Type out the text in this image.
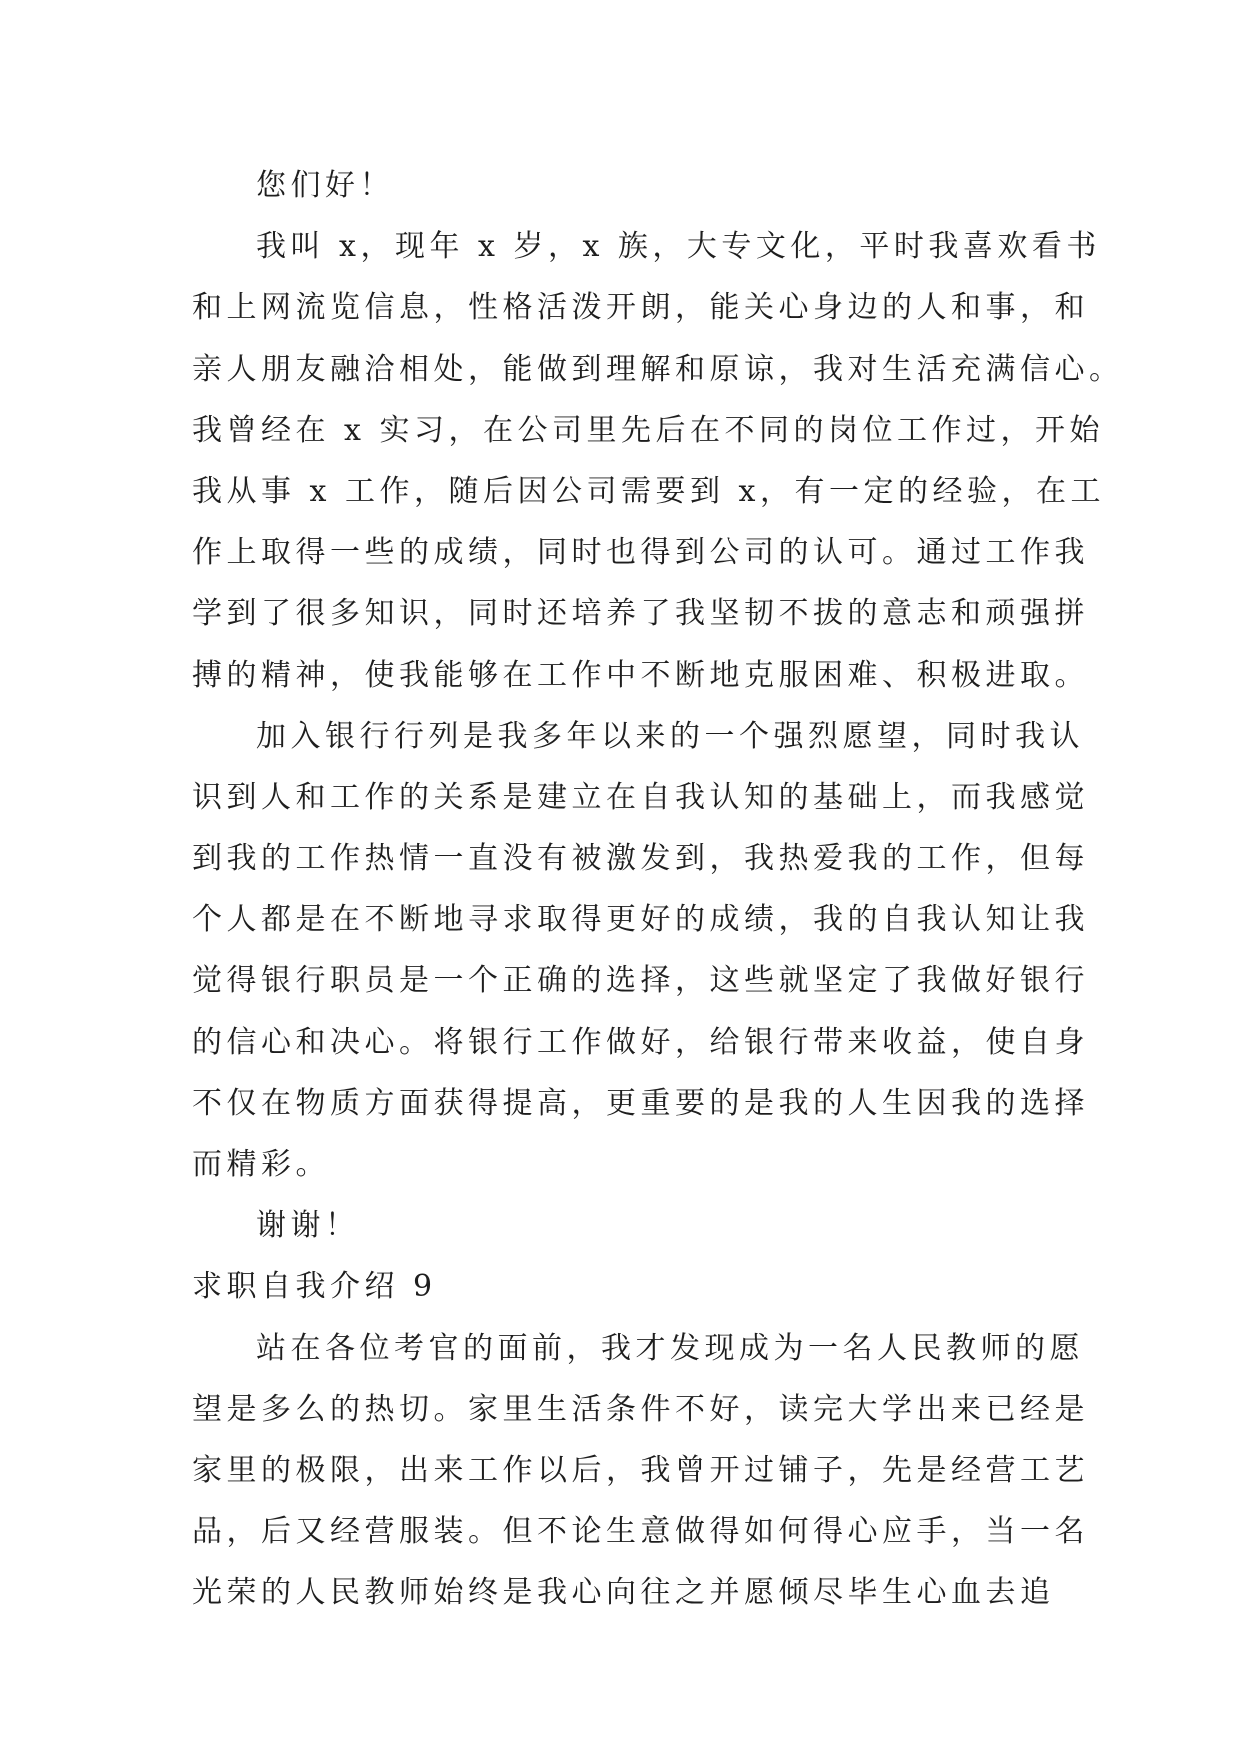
您们好！
我叫 x，现年 x 岁，x 族，大专文化，平时我喜欢看书
和上网流览信息，性格活泼开朗，能关心身边的人和事，和
亲人朋友融洽相处，能做到理解和原谅，我对生活充满信心。
我曾经在 x 实习，在公司里先后在不同的岗位工作过，开始
我从事 x 工作，随后因公司需要到 x，有一定的经验，在工
作上取得一些的成绩，同时也得到公司的认可。通过工作我
学到了很多知识，同时还培养了我坚韧不拔的意志和顽强拼
搏的精神，使我能够在工作中不断地克服困难、积极进取。
加入银行行列是我多年以来的一个强烈愿望，同时我认
识到人和工作的关系是建立在自我认知的基础上，而我感觉
到我的工作热情一直没有被激发到，我热爱我的工作，但每
个人都是在不断地寻求取得更好的成绩，我的自我认知让我
觉得银行职员是一个正确的选择，这些就坚定了我做好银行
的信心和决心。将银行工作做好，给银行带来收益，使自身
不仅在物质方面获得提高，更重要的是我的人生因我的选择
而精彩。
谢谢！
求职自我介绍 9
站在各位考官的面前，我才发现成为一名人民教师的愿
望是多么的热切。家里生活条件不好，读完大学出来已经是
家里的极限，出来工作以后，我曾开过铺子，先是经营工艺
品，后又经营服装。但不论生意做得如何得心应手，当一名
光荣的人民教师始终是我心向往之并愿倾尽毕生心血去追
